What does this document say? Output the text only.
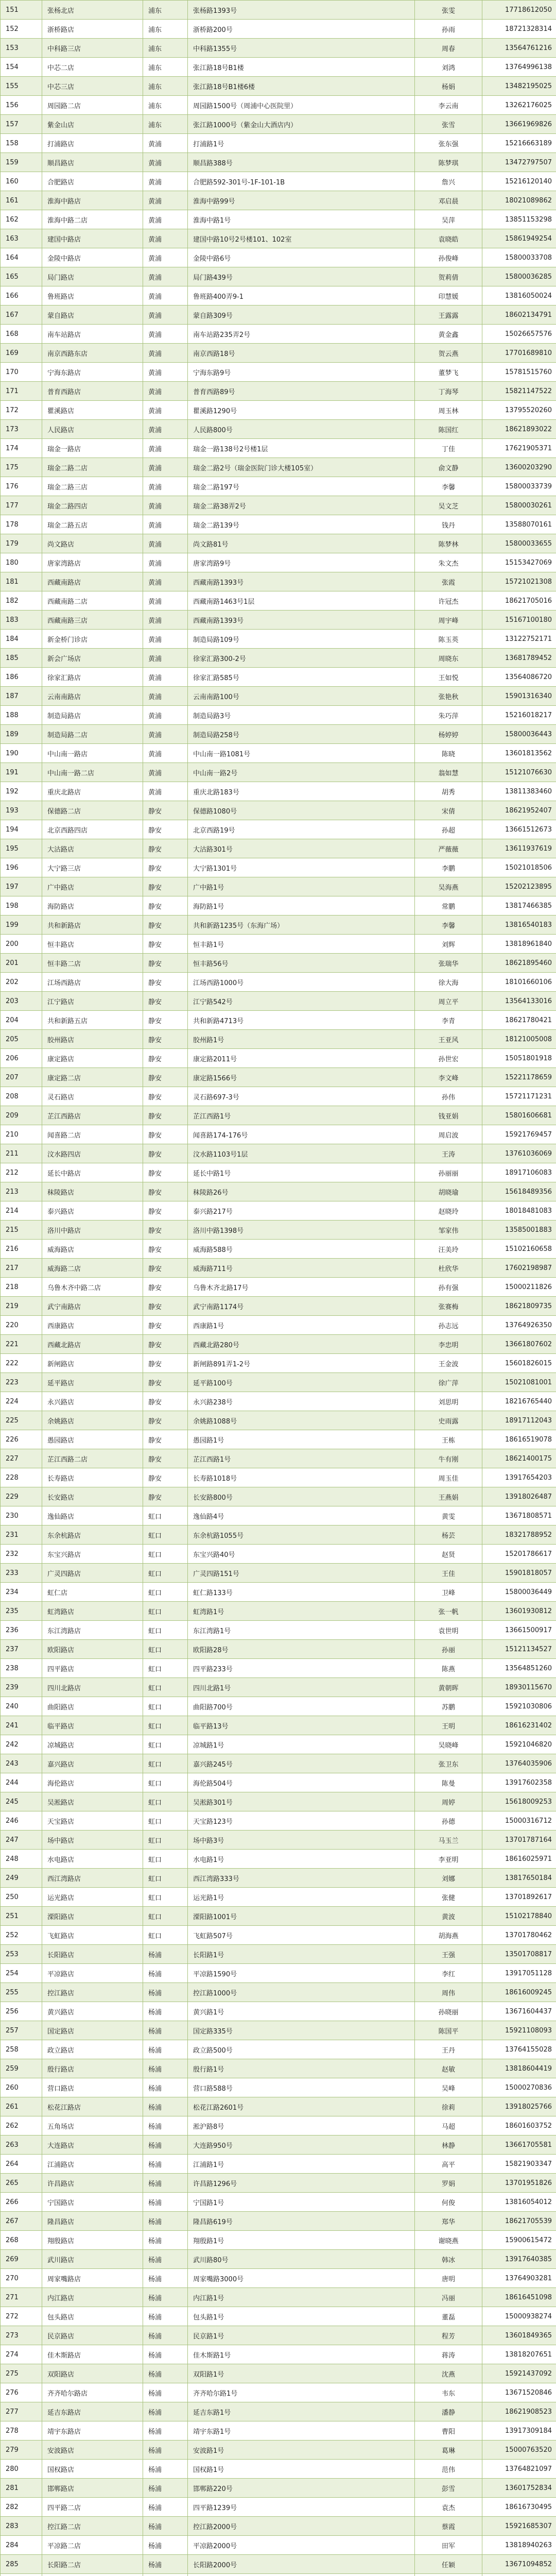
151	张杨北店	浦东	张杨路1393号	张雯	17718612050
152	浙桥路店	浦东	浙桥路200号	孙雨	18721328314
153	中科路三店	浦东	中科路1355号	周春	13564761216
154	中芯二店	浦东	张江路18号B1楼	刘鸿	13764996138
155	中芯三店	浦东	张江路18号B1楼6楼	杨娟	13482195025
156	周园路二店	浦东	周园路1500号（周浦中心医院里）	李云南	13262176025
157	紫金山店	浦东	张江路1000号（紫金山大酒店内）	张雪	13661969826
158	打浦路店	黄浦	打浦路1号	张东强	15216663189
159	顺昌路店	黄浦	顺昌路388号	陈梦琪	13472797507
160	合肥路店	黄浦	合肥路592-301号-1F-101-1B	詹兴	15216120140
161	淮海中路店	黄浦	淮海中路99号	邓启晨	18021089862
162	淮海中路二店	黄浦	淮海中路1号	吴萍	13851153298
163	建国中路店	黄浦	建国中路10号2号楼101、102室	袁晓皓	15861949254
164	金陵中路店	黄浦	金陵中路6号	孙俊峰	15800033708
165	局门路店	黄浦	局门路439号	贺莉倩	15800036285
166	鲁班路店	黄浦	鲁班路400弄9-1	印慧媛	13816050024
167	蒙自路店	黄浦	蒙自路309号	王露露	18602134791
168	南车站路店	黄浦	南车站路235弄2号	黄金鑫	15026657576
169	南京西路东店	黄浦	南京西路18号	贺云燕	17701689810
170	宁海东路店	黄浦	宁海东路9号	董梦飞	15781515760
171	普育西路店	黄浦	普育西路89号	丁海琴	15821147522
172	瞿溪路店	黄浦	瞿溪路1290号	周玉林	13795520260
173	人民路店	黄浦	人民路800号	陈国红	18621893022
174	瑞金一路店	黄浦	瑞金一路138号2号楼1层	丁佳	17621905371
175	瑞金二路二店	黄浦	瑞金二路2号（瑞金医院门诊大楼105室）	俞文静	13600203290
176	瑞金二路三店	黄浦	瑞金二路197号	李馨	15800033739
177	瑞金二路四店	黄浦	瑞金二路38弄2号	吴文芝	15800030261
178	瑞金二路五店	黄浦	瑞金二路139号	钱丹	13588070161
179	尚文路店	黄浦	尚文路81号	陈梦林	15800033655
180	唐家湾路店	黄浦	唐家湾路9号	朱文杰	15153427069
181	西藏南路店	黄浦	西藏南路1393号	张霞	15721021308
182	西藏南路二店	黄浦	西藏南路1463号1层	许冠杰	18621705016
183	西藏南路三店	黄浦	西藏南路1393号	周宇峰	15167100180
184	新金桥门诊店	黄浦	制造局路109号	陈玉英	13122752171
185	新会广场店	黄浦	徐家汇路300-2号	周晓东	13681789452
186	徐家汇路店	黄浦	徐家汇路585号	王如悦	13564086720
187	云南南路店	黄浦	云南南路100号	张艳秋	15901316340
188	制造局路店	黄浦	制造局路3号	朱巧萍	15216018217
189	制造局路二店	黄浦	制造局路258号	杨婷婷	15800036443
190	中山南一路店	黄浦	中山南一路1081号	陈晓	13601813562
191	中山南一路二店	黄浦	中山南一路2号	翁如慧	15121076630
192	重庆北路店	黄浦	重庆北路183号	胡秀	13811383460
193	保德路二店	静安	保德路1080号	宋倩	18621952407
194	北京西路四店	静安	北京西路19号	孙超	13661512673
195	大沽路店	静安	大沽路301号	严薇薇	13611937619
196	大宁路三店	静安	大宁路1301号	李鹏	15021018506
197	广中路店	静安	广中路1号	吴海燕	15202123895
198	海防路店	静安	海防路1号	常鹏	13817466385
199	共和新路店	静安	共和新路1235号（东海广场）	李馨	13816540183
200	恒丰路店	静安	恒丰路1号	刘辉	13818961840
201	恒丰路二店	静安	恒丰路56号	张瑞华	18621895460
202	江场西路店	静安	江场西路1000号	徐大海	18101660106
203	江宁路店	静安	江宁路542号	周立平	13564133016
204	共和新路五店	静安	共和新路4713号	李青	18621780421
205	胶州路店	静安	胶州路1号	王亚风	18121005008
206	康定路店	静安	康定路2011号	孙世宏	15051801918
207	康定路二店	静安	康定路1566号	李文峰	15221178659
208	灵石路店	静安	灵石路697-3号	孙伟	15721171231
209	芷江西路店	静安	芷江西路1号	钱亚娟	15801606681
210	闻喜路二店	静安	闻喜路174-176号	周启波	15921769457
211	汶水路四店	静安	汶水路1103号1层	王涛	13761036069
212	延长中路店	静安	延长中路1号	孙丽丽	18917106083
213	秣陵路店	静安	秣陵路26号	胡晓瑜	15618489356
214	泰兴路店	静安	泰兴路217号	赵晓玲	18018481083
215	洛川中路店	静安	洛川中路1398号	邹家伟	13585001883
216	威海路店	静安	威海路588号	汪美玲	15102160658
217	威海路二店	静安	威海路711号	杜欣华	17602198987
218	乌鲁木齐中路二店	静安	乌鲁木齐北路17号	孙有强	15000211826
219	武宁南路店	静安	武宁南路1174号	张赛梅	18621809735
220	西康路店	静安	西康路1号	孙志远	13764926350
221	西藏北路店	静安	西藏北路280号	李忠明	13661807602
222	新闸路店	静安	新闸路891弄1-2号	王金波	15601826015
223	延平路店	静安	延平路100号	徐广萍	15021081001
224	永兴路店	静安	永兴路238号	刘思明	18216765440
225	余姚路店	静安	余姚路1088号	史雨露	18917112043
226	愚园路店	静安	愚园路1号	王栋	18616519078
227	芷江西路二店	静安	芷江西路1号	牛有刚	18621400175
228	长寿路店	静安	长寿路1018号	周玉佳	13917654203
229	长安路店	静安	长安路800号	王燕娟	13918026487
230	逸仙路店	虹口	逸仙路4号	黄雯	13671808571
231	东余杭路店	虹口	东余杭路1055号	杨芸	18321788952
232	东宝兴路店	虹口	东宝兴路40号	赵贤	15201786617
233	广灵四路店	虹口	广灵四路151号	王佳	15901818057
234	虹仁店	虹口	虹仁路133号	卫峰	15800036449
235	虹湾路店	虹口	虹湾路1号	张一帆	13601930812
236	东江湾路店	虹口	东江湾路1号	袁世明	13661500917
237	欧阳路店	虹口	欧阳路28号	孙丽	15121134527
238	四平路店	虹口	四平路233号	陈燕	13564851260
239	四川北路店	虹口	四川北路1号	黄朝晖	18930115670
240	曲阳路店	虹口	曲阳路700号	苏鹏	15921030806
241	临平路店	虹口	临平路13号	王明	18616231402
242	凉城路店	虹口	凉城路1号	吴晓峰	15921046820
243	嘉兴路店	虹口	嘉兴路245号	张卫东	13764035906
244	海伦路店	虹口	海伦路504号	陈曼	13917602358
245	吴淞路店	虹口	吴淞路301号	周婷	15618009253
246	天宝路店	虹口	天宝路123号	孙德	15000316712
247	场中路店	虹口	场中路3号	马玉兰	13701787164
248	水电路店	虹口	水电路1号	李亚明	18616025971
249	西江湾路店	虹口	西江湾路333号	刘娜	13817650184
250	运光路店	虹口	运光路1号	张健	13701892617
251	溧阳路店	虹口	溧阳路1001号	黄波	15102178840
252	飞虹路店	虹口	飞虹路507号	胡海燕	13701780462
253	长阳路店	杨浦	长阳路1号	王强	13501708817
254	平凉路店	杨浦	平凉路1590号	李红	13917051128
255	控江路店	杨浦	控江路1000号	周伟	18616009245
256	黄兴路店	杨浦	黄兴路1号	孙晓丽	13671604437
257	国定路店	杨浦	国定路335号	陈国平	15921108093
258	政立路店	杨浦	政立路500号	王丹	13764155028
259	殷行路店	杨浦	殷行路1号	赵敏	13818604419
260	营口路店	杨浦	营口路588号	吴峰	15000270836
261	松花江路店	杨浦	松花江路2601号	徐莉	13918025766
262	五角场店	杨浦	淞沪路8号	马超	18601603752
263	大连路店	杨浦	大连路950号	林静	13661705581
264	江浦路店	杨浦	江浦路1号	高平	15821903347
265	许昌路店	杨浦	许昌路1296号	罗娟	13701951826
266	宁国路店	杨浦	宁国路1号	何俊	13816054012
267	隆昌路店	杨浦	隆昌路619号	郑华	18621705539
268	翔殷路店	杨浦	翔殷路1号	谢晓燕	15900615472
269	武川路店	杨浦	武川路80号	韩冰	13917640385
270	周家嘴路店	杨浦	周家嘴路3000号	唐明	13764903281
271	内江路店	杨浦	内江路1号	冯丽	18616451098
272	包头路店	杨浦	包头路1号	董磊	15000938274
273	民京路店	杨浦	民京路1号	程芳	13601849365
274	佳木斯路店	杨浦	佳木斯路1号	蒋涛	13818207651
275	双阳路店	杨浦	双阳路1号	沈燕	15921437092
276	齐齐哈尔路店	杨浦	齐齐哈尔路1号	韦东	13671520846
277	延吉东路店	杨浦	延吉东路1号	潘静	18621908523
278	靖宇东路店	杨浦	靖宇东路1号	曹阳	13917309184
279	安波路店	杨浦	安波路1号	葛琳	15000763520
280	国权路店	杨浦	国权路1号	范伟	13764821097
281	邯郸路店	杨浦	邯郸路220号	彭雪	13601752834
282	四平路二店	杨浦	四平路1239号	袁杰	18616730495
283	控江路二店	杨浦	控江路2000号	蔡霞	15921685307
284	平凉路二店	杨浦	平凉路2000号	田军	13818940263
285	长阳路二店	杨浦	长阳路2000号	任颖	13671094852
